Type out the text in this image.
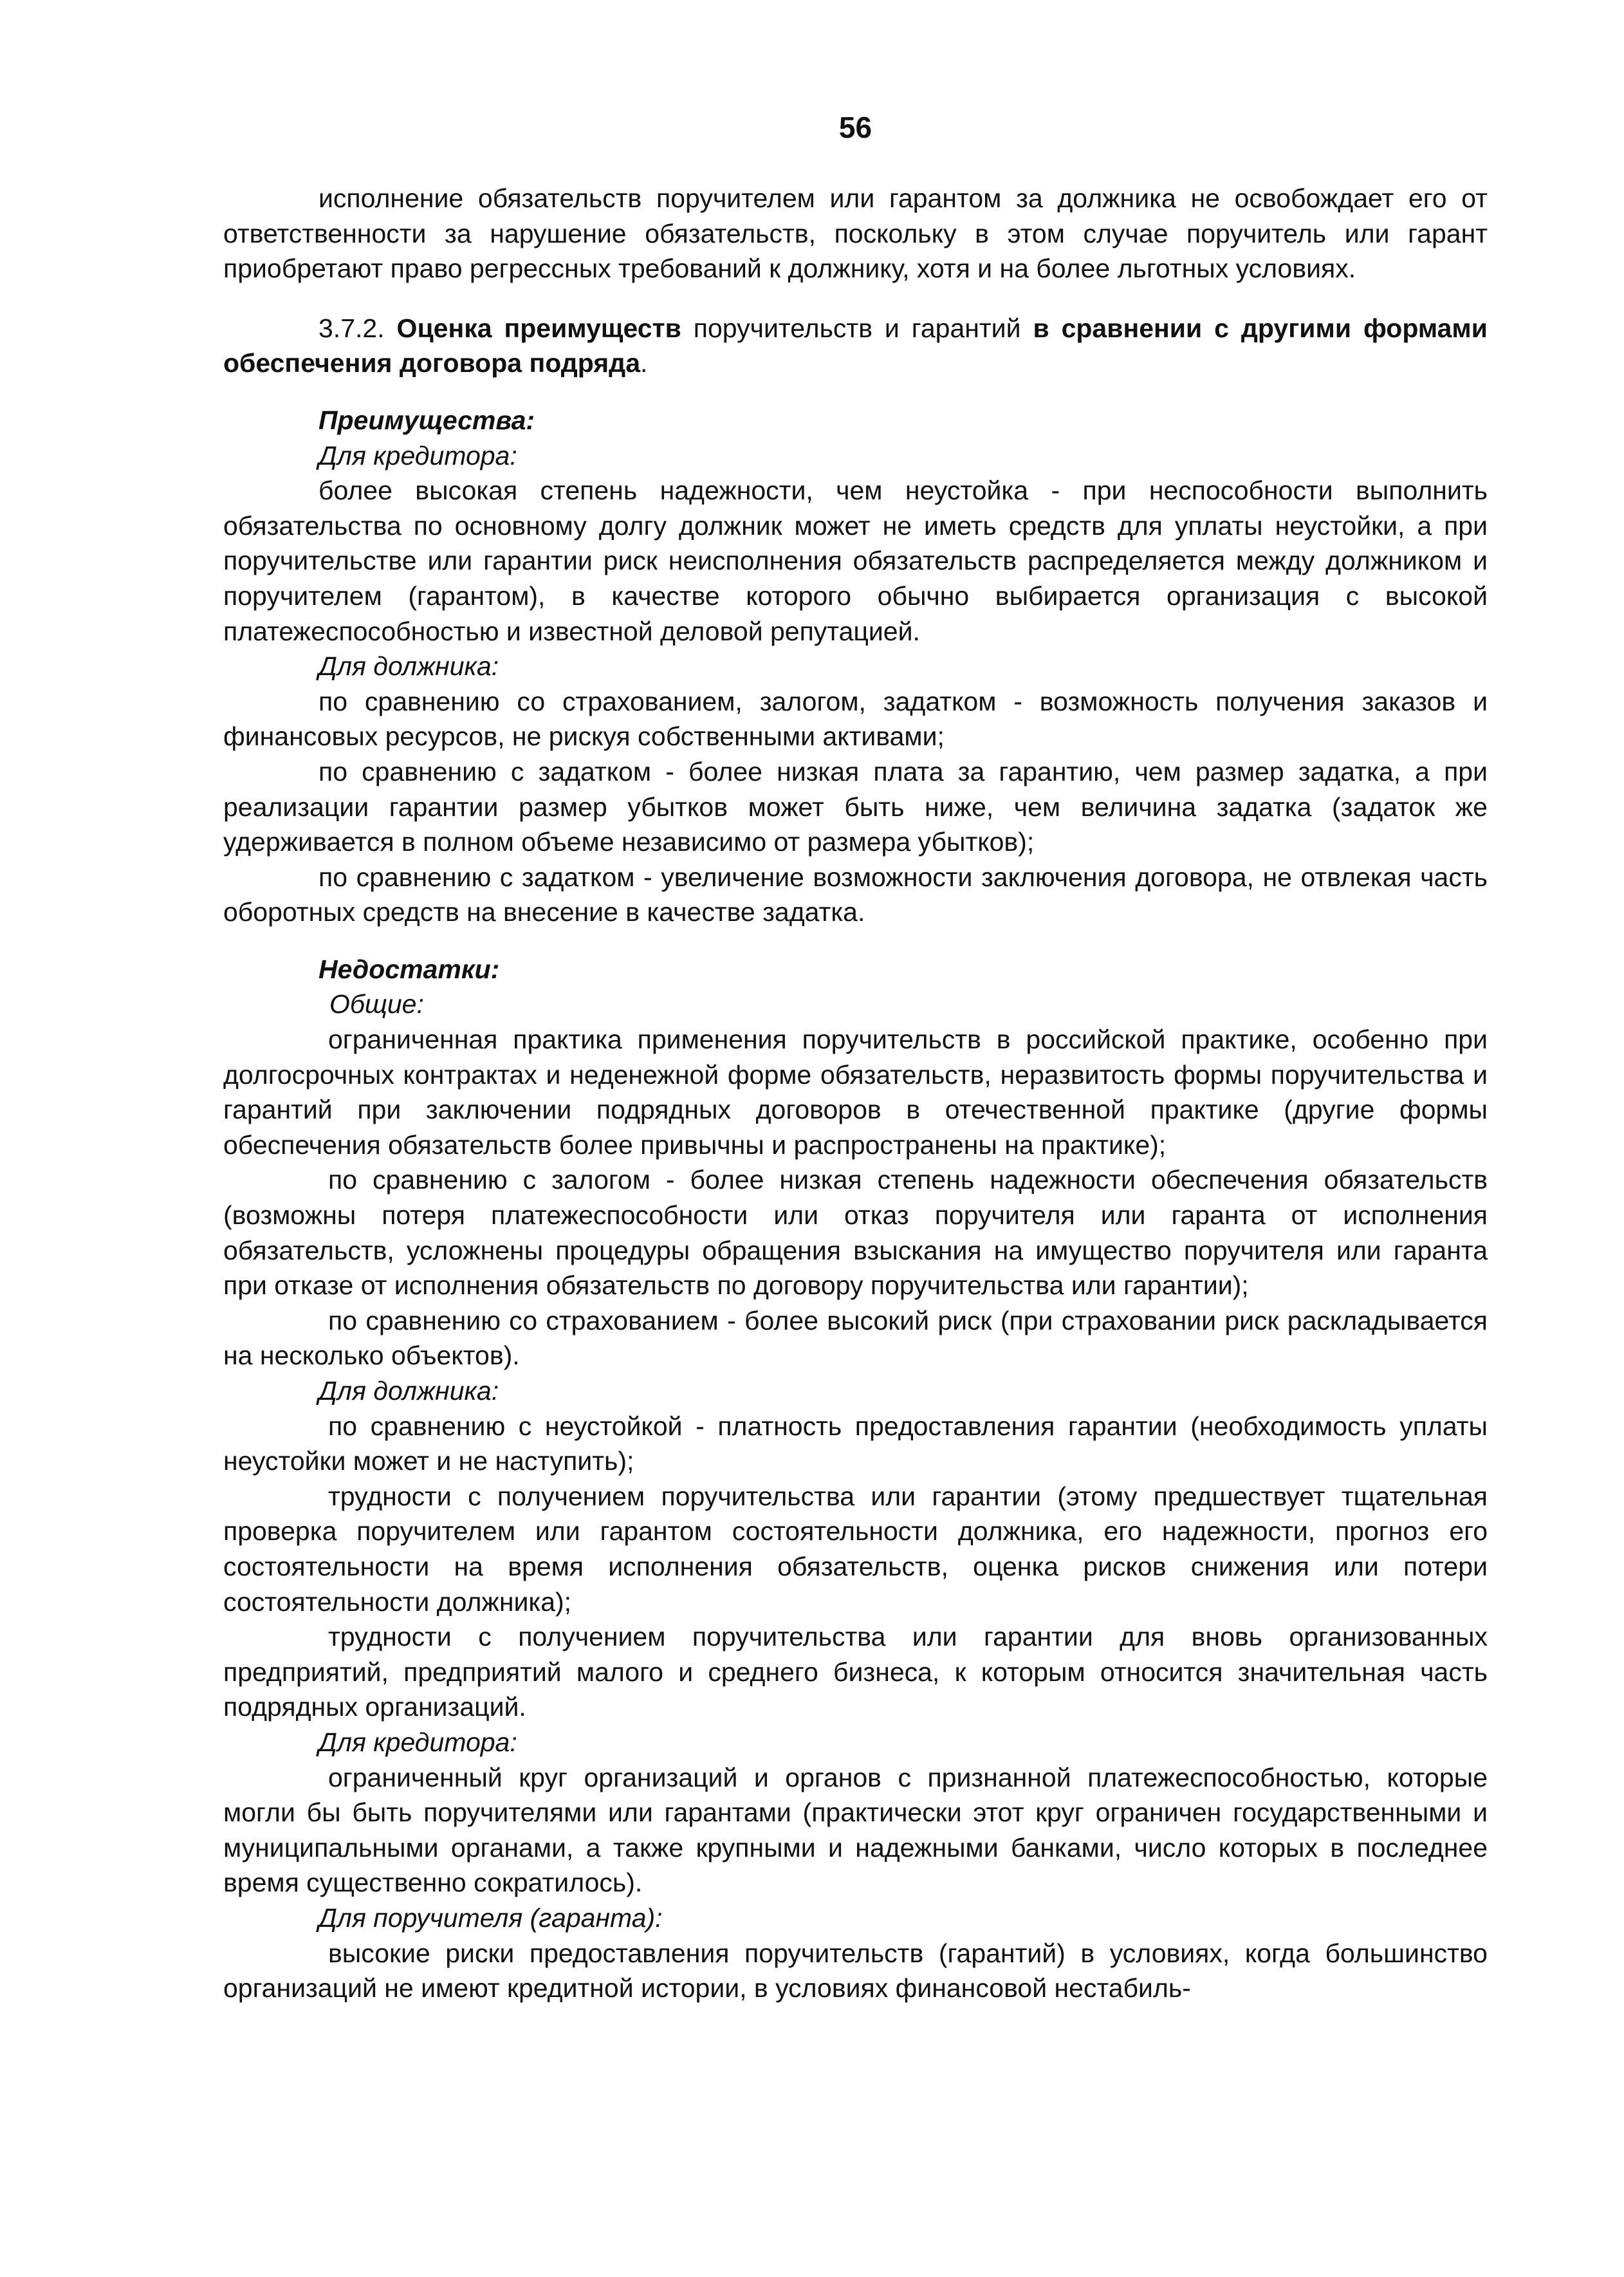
56

исполнение обязательств поручителем или гарантом за должника не освобождает его от ответственности за нарушение обязательств, поскольку в этом случае поручитель или гарант приобретают право регрессных требований к должнику, хотя и на более льготных условиях.

3.7.2. Оценка преимуществ поручительств и гарантий в сравнении с другими формами обеспечения договора подряда.

Преимущества:

Для кредитора:

более высокая степень надежности, чем неустойка - при неспособности выполнить обязательства по основному долгу должник может не иметь средств для уплаты неустойки, а при поручительстве или гарантии риск неисполнения обязательств распределяется между должником и поручителем (гарантом), в качестве которого обычно выбирается организация с высокой платежеспособностью и известной деловой репутацией.

Для должника:

по сравнению со страхованием, залогом, задатком - возможность получения заказов и финансовых ресурсов, не рискуя собственными активами;

по сравнению с задатком - более низкая плата за гарантию, чем размер задатка, а при реализации гарантии размер убытков может быть ниже, чем величина задатка (задаток же удерживается в полном объеме независимо от размера убытков);

по сравнению с задатком - увеличение возможности заключения договора, не отвлекая часть оборотных средств на внесение в качестве задатка.

Недостатки:

Общие:

ограниченная практика применения поручительств в российской практике, особенно при долгосрочных контрактах и неденежной форме обязательств, неразвитость формы поручительства и гарантий при заключении подрядных договоров в отечественной практике (другие формы обеспечения обязательств более привычны и распространены на практике);

по сравнению с залогом - более низкая степень надежности обеспечения обязательств (возможны потеря платежеспособности или отказ поручителя или гаранта от исполнения обязательств, усложнены процедуры обращения взыскания на имущество поручителя или гаранта при отказе от исполнения обязательств по договору поручительства или гарантии);

по сравнению со страхованием - более высокий риск (при страховании риск раскладывается на несколько объектов).

Для должника:

по сравнению с неустойкой - платность предоставления гарантии (необходимость уплаты неустойки может и не наступить);

трудности с получением поручительства или гарантии (этому предшествует тщательная проверка поручителем или гарантом состоятельности должника, его надежности, прогноз его состоятельности на время исполнения обязательств, оценка рисков снижения или потери состоятельности должника);

трудности с получением поручительства или гарантии для вновь организованных предприятий, предприятий малого и среднего бизнеса, к которым относится значительная часть подрядных организаций.

Для кредитора:

ограниченный круг организаций и органов с признанной платежеспособностью, которые могли бы быть поручителями или гарантами (практически этот круг ограничен государственными и муниципальными органами, а также крупными и надежными банками, число которых в последнее время существенно сократилось).

Для поручителя (гаранта):

высокие риски предоставления поручительств (гарантий) в условиях, когда большинство организаций не имеют кредитной истории, в условиях финансовой нестабиль-
